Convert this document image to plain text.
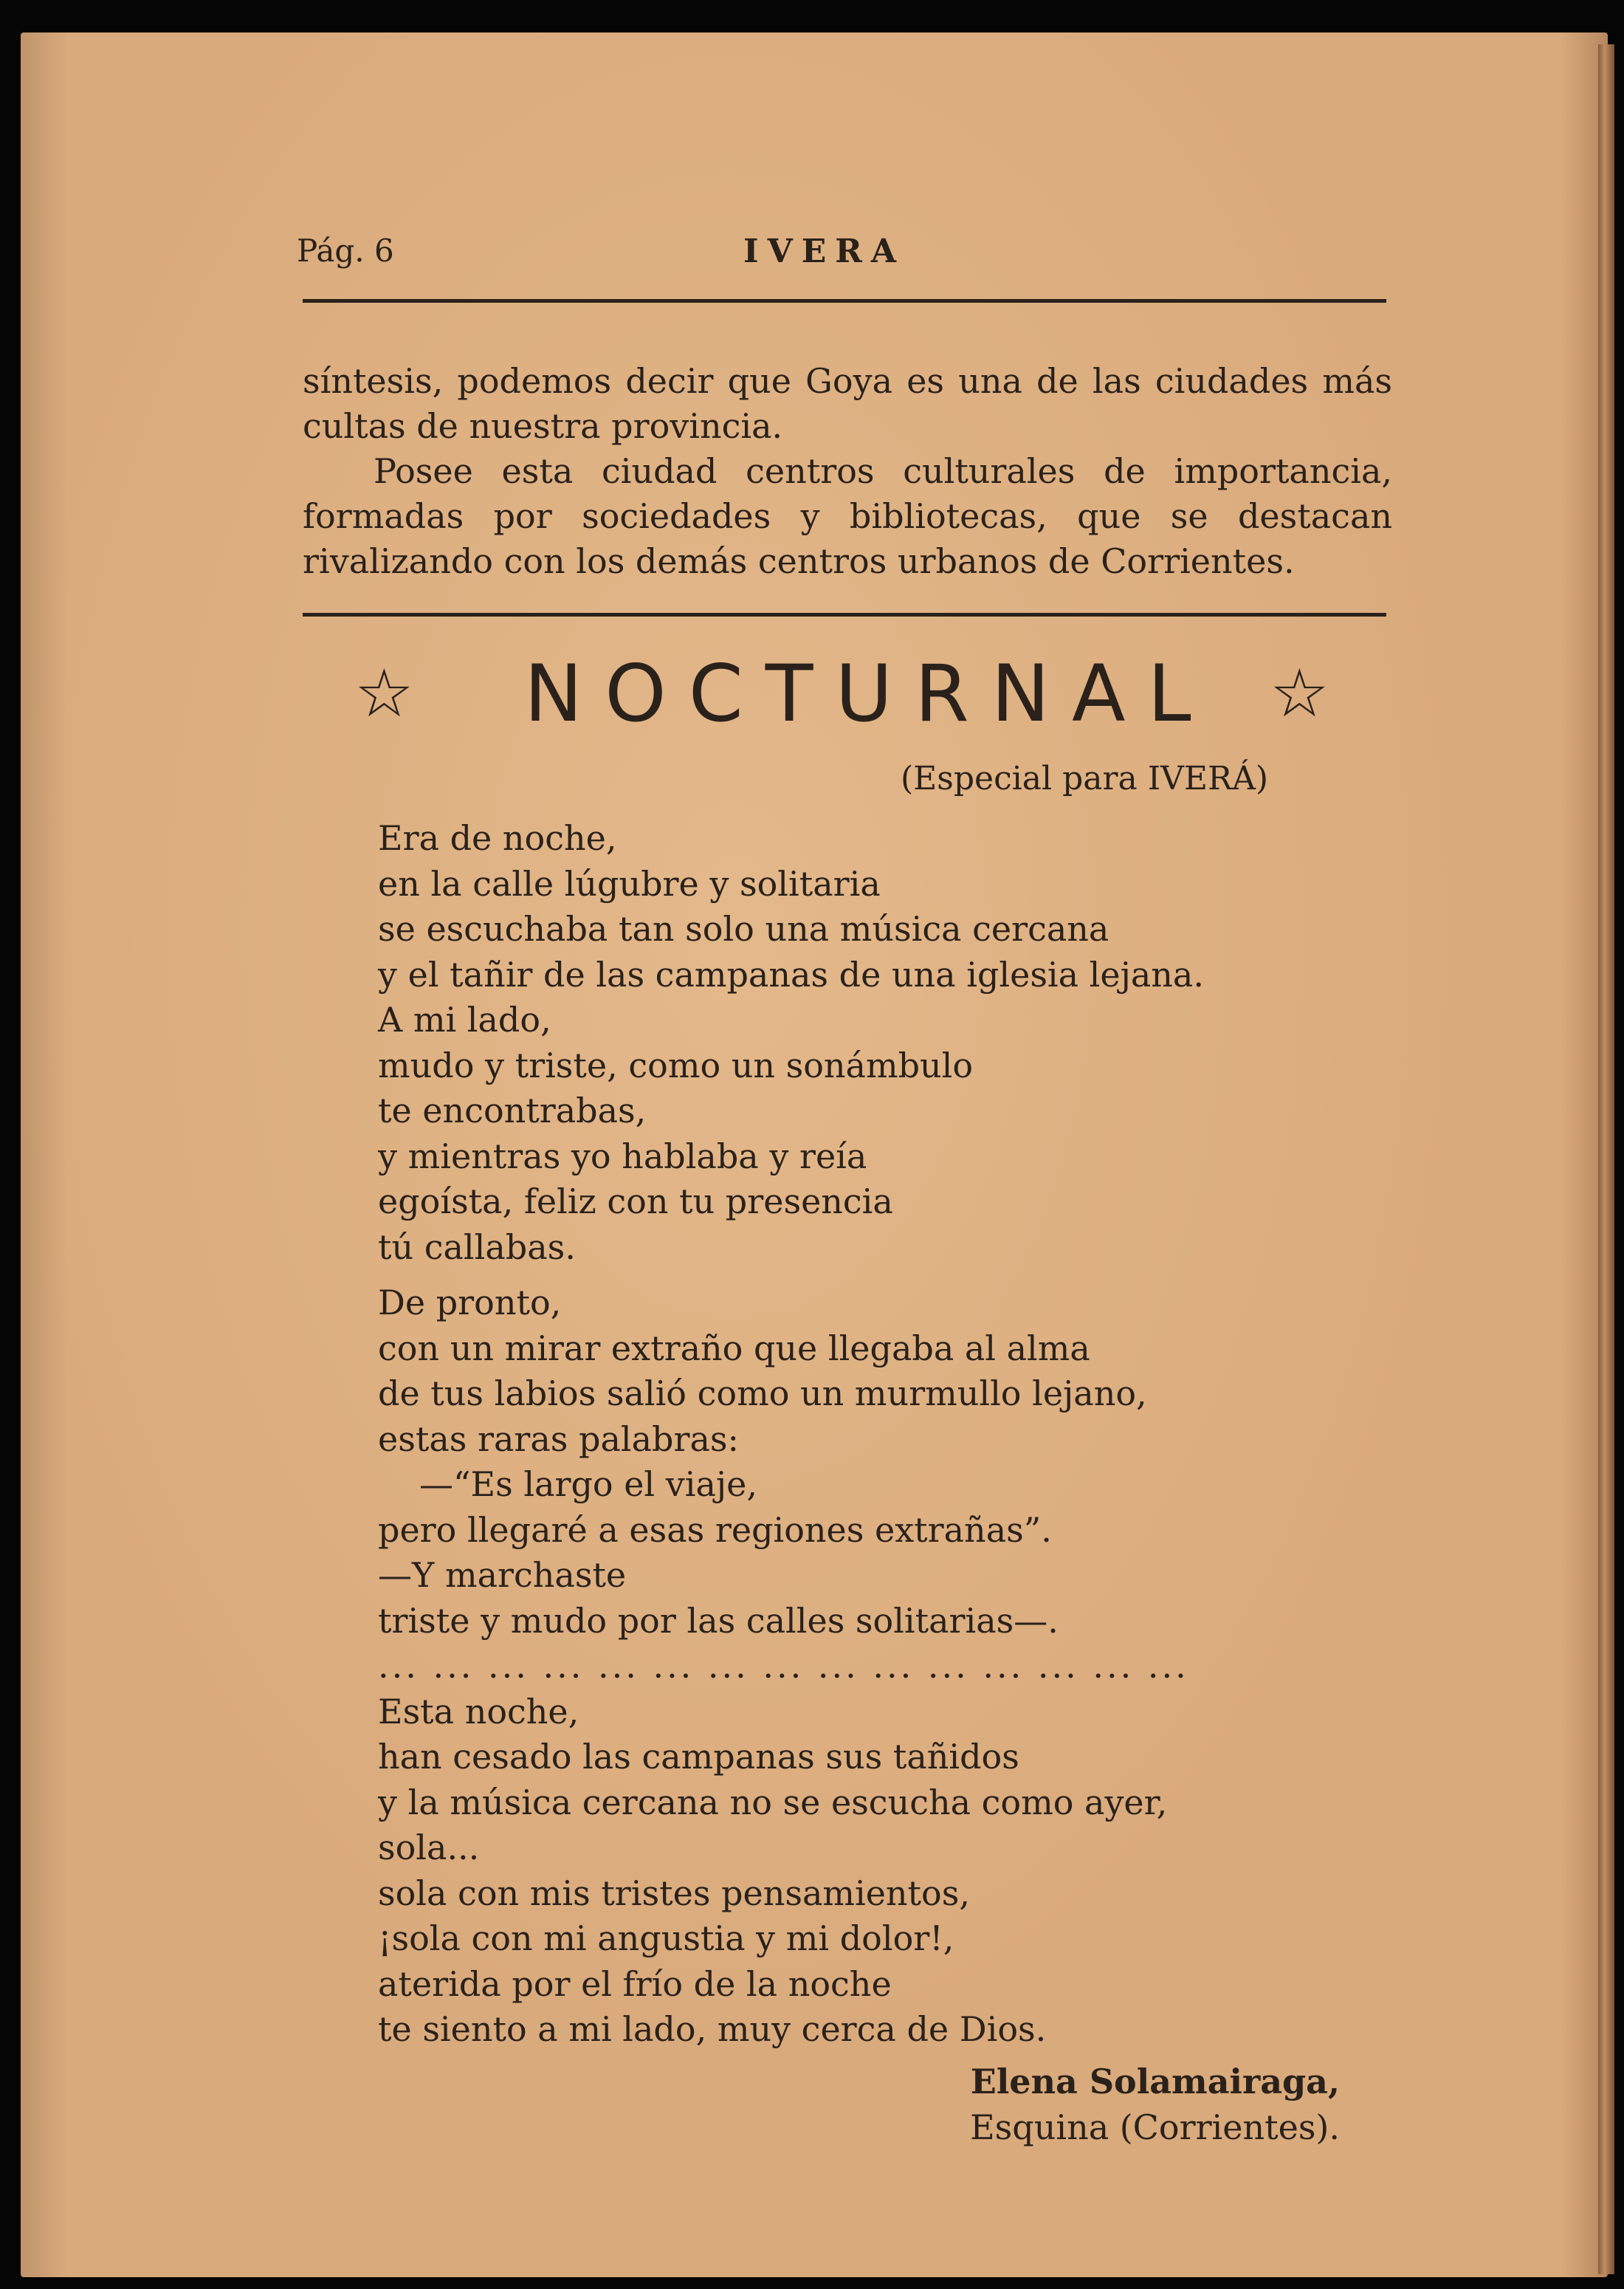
Pág. 6	IVERA

síntesis, podemos decir que Goya es una de las ciudades más cultas de nuestra provincia.

Posee esta ciudad centros culturales de importancia, formadas por sociedades y bibliotecas, que se destacan rivalizando con los demás centros urbanos de Corrientes.

☆ NOCTURNAL ☆
(Especial para IVERÁ)
Era de noche,
en la calle lúgubre y solitaria
se escuchaba tan solo una música cercana
y el tañir de las campanas de una iglesia lejana.
A mi lado,
mudo y triste, como un sonámbulo
te encontrabas,
y mientras yo hablaba y reía
egoísta, feliz con tu presencia
tú callabas.
De pronto,
con un mirar extraño que llegaba al alma
de tus labios salió como un murmullo lejano,
estas raras palabras:
—“Es largo el viaje,
pero llegaré a esas regiones extrañas”.
—Y marchaste
triste y mudo por las calles solitarias—.
... ... ... ... ... ... ... ... ... ... ... ... ... ... ...
Esta noche,
han cesado las campanas sus tañidos
y la música cercana no se escucha como ayer,
sola...
sola con mis tristes pensamientos,
¡sola con mi angustia y mi dolor!,
aterida por el frío de la noche
te siento a mi lado, muy cerca de Dios.
Elena Solamairaga,
Esquina (Corrientes).
